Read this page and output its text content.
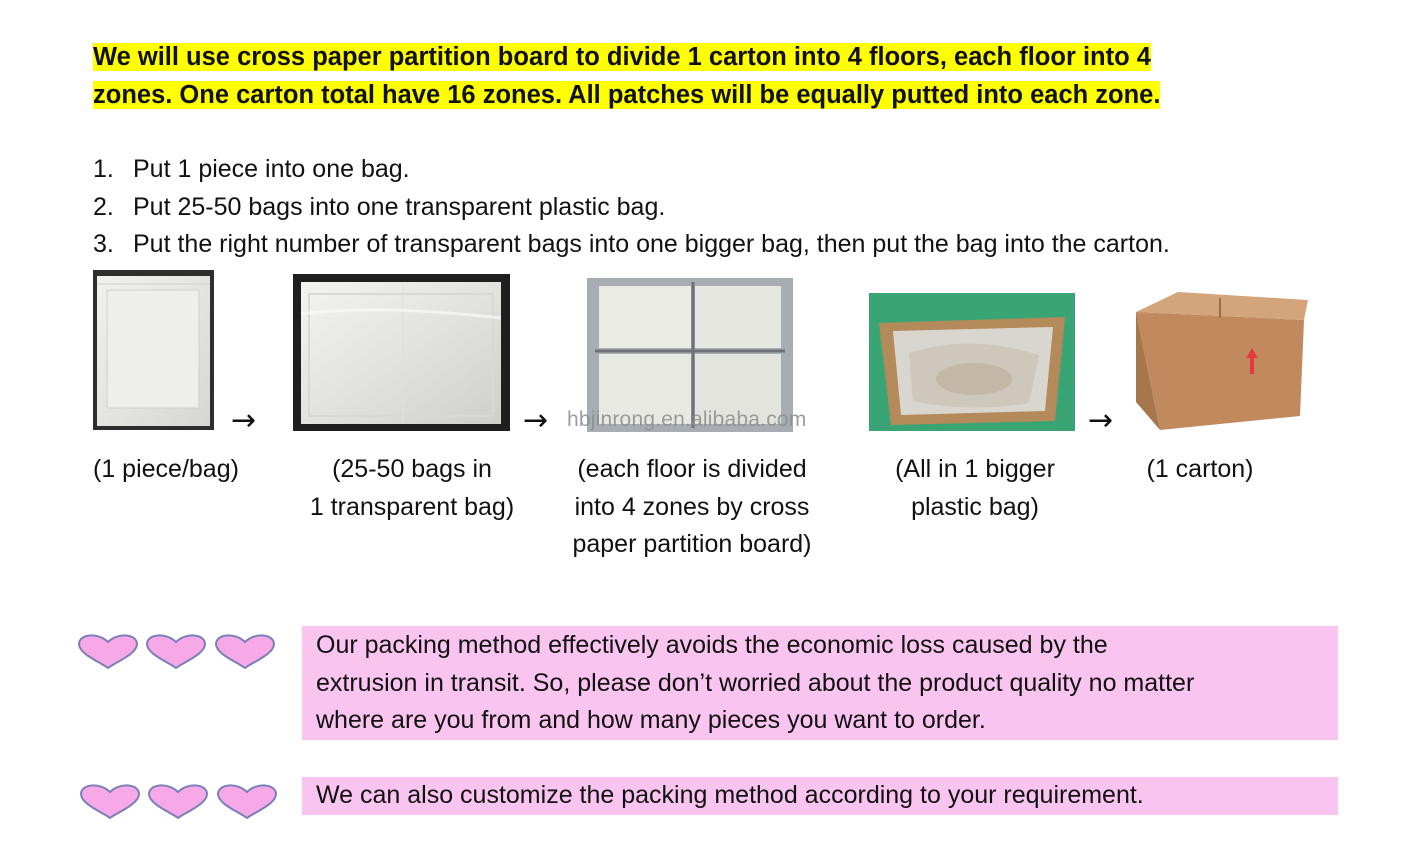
We will use cross paper partition board to divide 1 carton into 4 floors, each floor into 4
zones. One carton total have 16 zones. All patches will be equally putted into each zone.
1. Put 1 piece into one bag.
2. Put 25-50 bags into one transparent plastic bag.
3. Put the right number of transparent bags into one bigger bag, then put the bag into the carton.
→	→ hbjinrong.en.alibaba.com	→
(1 piece/bag)	(25-50 bags in
1 transparent bag)
(each floor is divided
into 4 zones by cross
paper partition board)
(All in 1 bigger
plastic bag)
(1 carton)
Our packing method effectively avoids the economic loss caused by the
extrusion in transit. So, please don’t worried about the product quality no matter
where are you from and how many pieces you want to order.
We can also customize the packing method according to your requirement.
